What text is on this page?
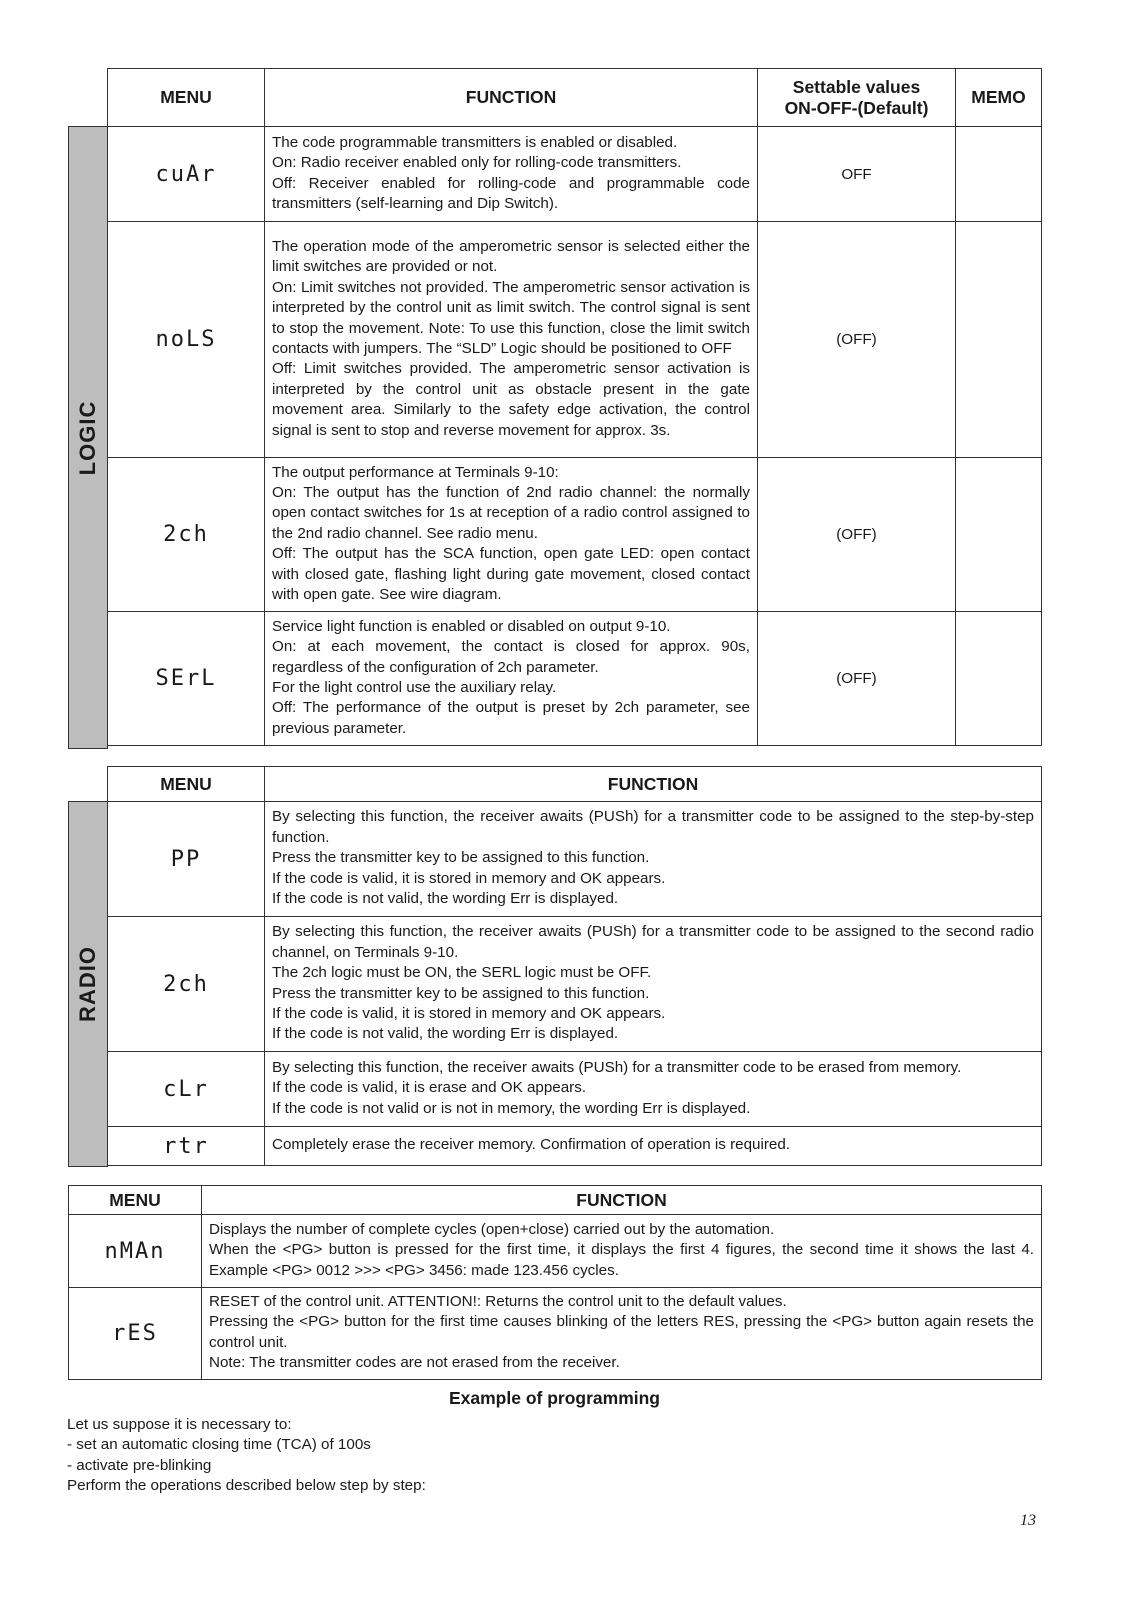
LOGIC
MENU	FUNCTION	Settable values
ON-OFF-(Default)	MEMO
cuAr	The code programmable transmitters is enabled or disabled.

On: Radio receiver enabled only for rolling-code transmitters.

Off: Receiver enabled for rolling-code and programmable code transmitters (self-learning and Dip Switch).	OFF	
noLS	The operation mode of the amperometric sensor is selected either the limit switches are provided or not.

On: Limit switches not provided. The amperometric sensor activation is interpreted by the control unit as limit switch. The control signal is sent to stop the movement. Note: To use this function, close the limit switch contacts with jumpers. The “SLD” Logic should be positioned to OFF

Off: Limit switches provided. The amperometric sensor activation is interpreted by the control unit as obstacle present in the gate movement area. Similarly to the safety edge activation, the control signal is sent to stop and reverse movement for approx. 3s.	(OFF)	
2ch	The output performance at Terminals 9-10:

On: The output has the function of 2nd radio channel: the normally open contact switches for 1s at reception of a radio control assigned to the 2nd radio channel. See radio menu.

Off: The output has the SCA function, open gate LED: open contact with closed gate, flashing light during gate movement, closed contact with open gate. See wire diagram.	(OFF)	
SErL	Service light function is enabled or disabled on output 9-10.

On: at each movement, the contact is closed for approx. 90s, regardless of the configuration of 2ch parameter.

For the light control use the auxiliary relay.

Off: The performance of the output is preset by 2ch parameter, see previous parameter.	(OFF)	
RADIO
MENU	FUNCTION
PP	By selecting this function, the receiver awaits (PUSh) for a transmitter code to be assigned to the step-by-step function.

Press the transmitter key to be assigned to this function.

If the code is valid, it is stored in memory and OK appears.

If the code is not valid, the wording Err is displayed.

2ch	By selecting this function, the receiver awaits (PUSh) for a transmitter code to be assigned to the second radio channel, on Terminals 9-10.

The 2ch logic must be ON, the SERL logic must be OFF.

Press the transmitter key to be assigned to this function.

If the code is valid, it is stored in memory and OK appears.

If the code is not valid, the wording Err is displayed.

cLr	By selecting this function, the receiver awaits (PUSh) for a transmitter code to be erased from memory.

If the code is valid, it is erase and OK appears.

If the code is not valid or is not in memory, the wording Err is displayed.

rtr	Completely erase the receiver memory. Confirmation of operation is required.

MENU	FUNCTION
nMAn	Displays the number of complete cycles (open+close) carried out by the automation.

When the <PG> button is pressed for the first time, it displays the first 4 figures, the second time it shows the last 4. Example <PG> 0012 >>> <PG> 3456: made 123.456 cycles.

rES	RESET of the control unit. ATTENTION!: Returns the control unit to the default values.

Pressing the <PG> button for the first time causes blinking of the letters RES, pressing the <PG> button again resets the control unit.

Note: The transmitter codes are not erased from the receiver.

Example of programming
Let us suppose it is necessary to:
- set an automatic closing time (TCA) of 100s
- activate pre-blinking
Perform the operations described below step by step:
13
